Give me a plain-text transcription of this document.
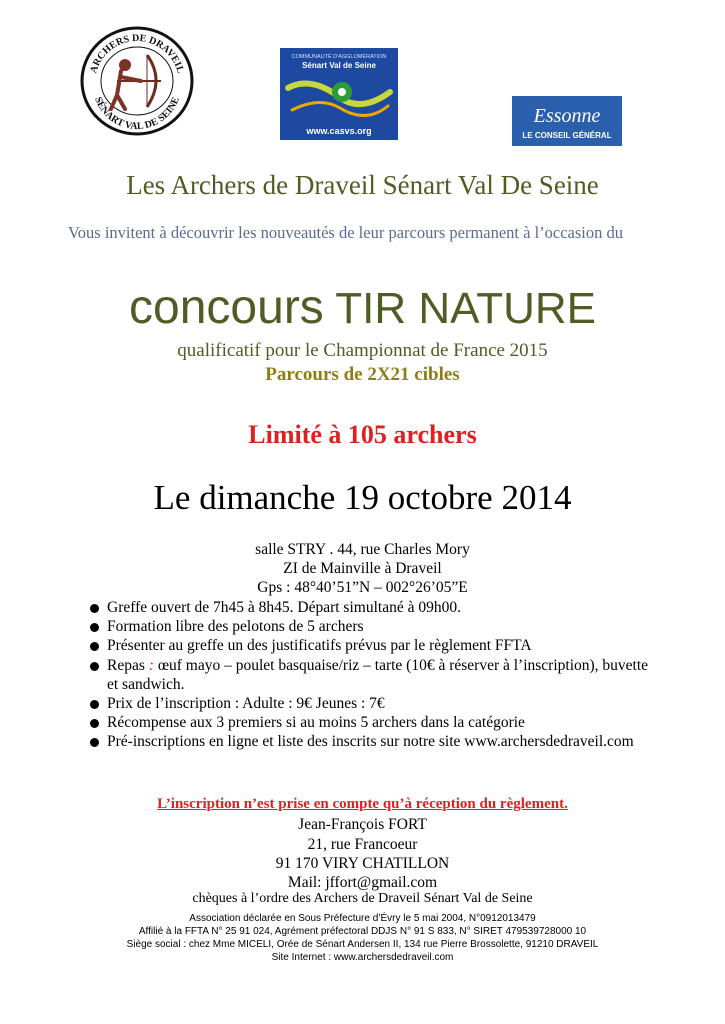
ARCHERS DE DRAVEIL
SÉNART VAL DE SEINE
COMMUNAUTÉ D'AGGLOMÉRATION
Sénart Val de Seine
www.casvs.org
Essonne
LE CONSEIL GÉNÉRAL
Les Archers de Draveil Sénart Val De Seine
Vous invitent à découvrir les nouveautés de leur parcours permanent à l’occasion du
concours TIR NATURE
qualificatif pour le Championnat de France 2015
Parcours de 2X21 cibles
Limité à 105 archers
Le dimanche 19 octobre 2014
salle STRY . 44, rue Charles Mory
ZI de Mainville à Draveil
Gps : 48°40’51”N – 002°26’05”E
Greffe ouvert de 7h45 à 8h45. Départ simultané à 09h00.
Formation libre des pelotons de 5 archers
Présenter au greffe un des justificatifs prévus par le règlement FFTA
Repas : œuf mayo – poulet basquaise/riz – tarte (10€ à réserver à l’inscription), buvette et sandwich.
Prix de l’inscription : Adulte : 9€ Jeunes : 7€
Récompense aux 3 premiers si au moins 5 archers dans la catégorie
Pré-inscriptions en ligne et liste des inscrits sur notre site www.archersdedraveil.com
L’inscription n’est prise en compte qu’à réception du règlement.
Jean-François FORT
21, rue Francoeur
91 170 VIRY CHATILLON
Mail: jffort@gmail.com
chèques à l’ordre des Archers de Draveil Sénart Val de Seine
Association déclarée en Sous Préfecture d’Évry le 5 mai 2004, N°0912013479
Affilié à la FFTA N° 25 91 024, Agrément préfectoral DDJS N° 91 S 833, N° SIRET 479539728000 10
Siège social : chez Mme MICELI, Orée de Sénart Andersen II, 134 rue Pierre Brossolette, 91210 DRAVEIL
Site Internet : www.archersdedraveil.com
